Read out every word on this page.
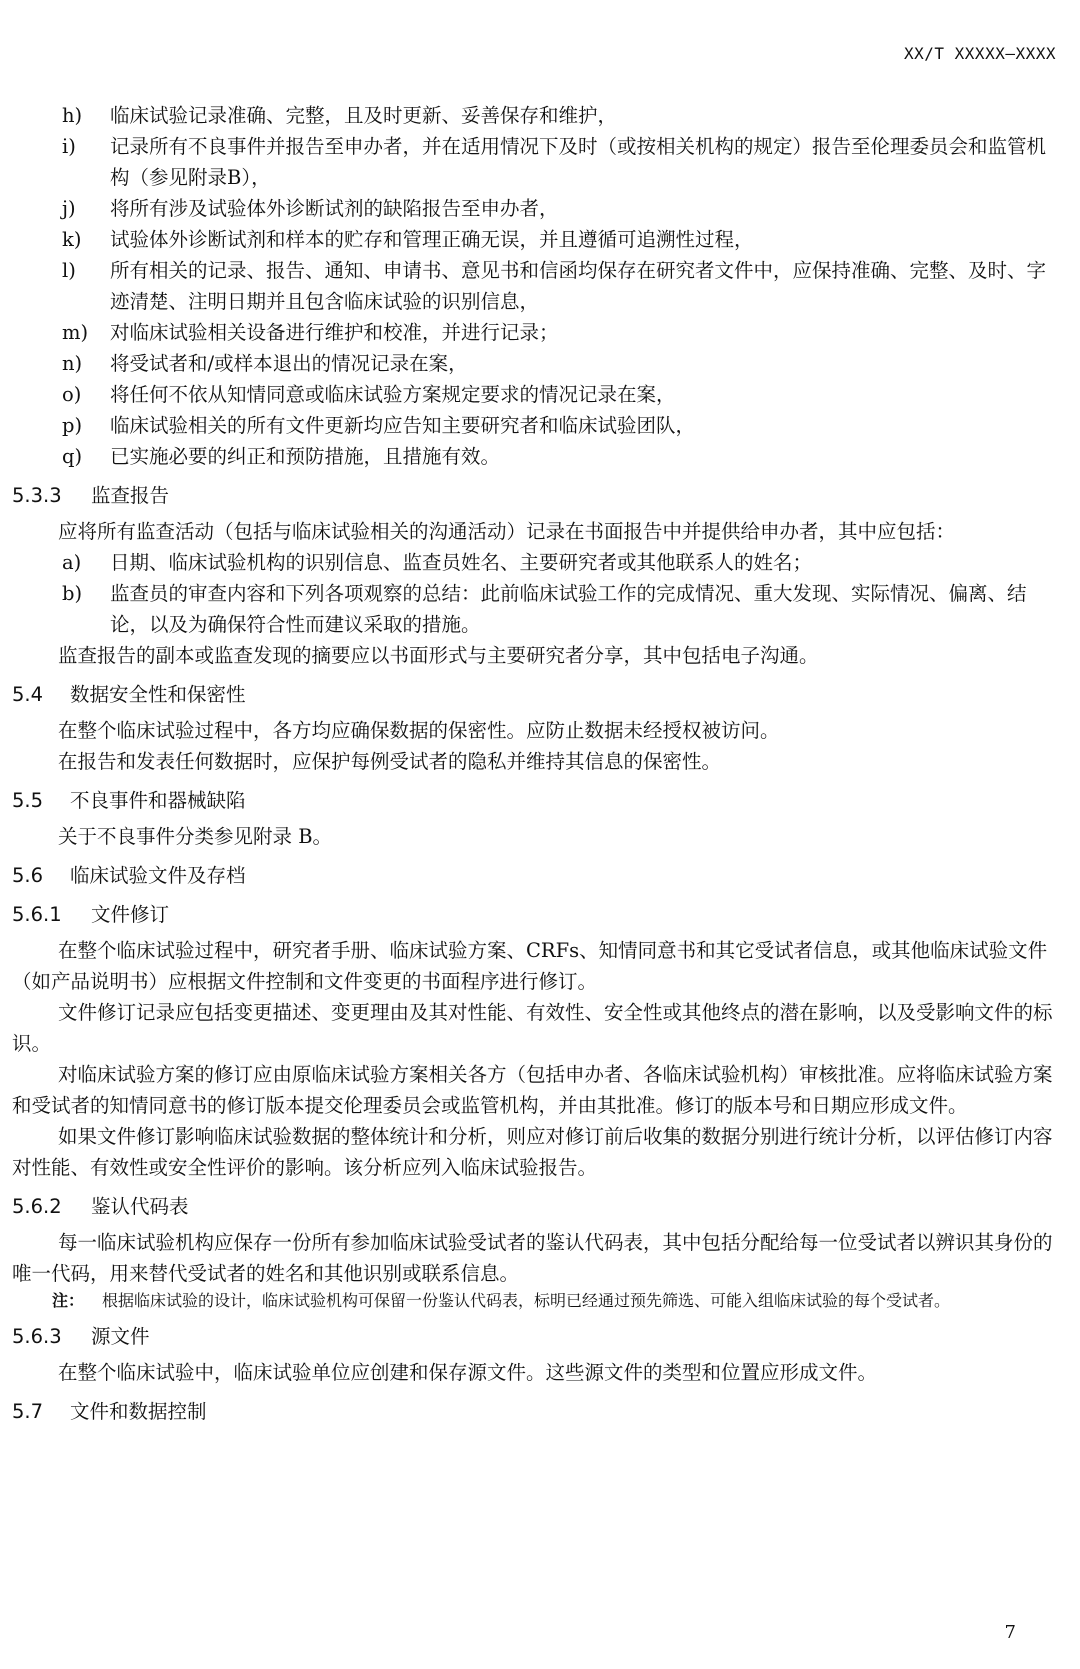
XX/T XXXXX—XXXX
h)	临床试验记录准确、完整，且及时更新、妥善保存和维护，
i)	记录所有不良事件并报告至申办者，并在适用情况下及时（或按相关机构的规定）报告至伦理委员会和监管机构（参见附录B），
j)	将所有涉及试验体外诊断试剂的缺陷报告至申办者，
k)	试验体外诊断试剂和样本的贮存和管理正确无误，并且遵循可追溯性过程，
l)	所有相关的记录、报告、通知、申请书、意见书和信函均保存在研究者文件中，应保持准确、完整、及时、字迹清楚、注明日期并且包含临床试验的识别信息，
m)	对临床试验相关设备进行维护和校准，并进行记录；
n)	将受试者和/或样本退出的情况记录在案，
o)	将任何不依从知情同意或临床试验方案规定要求的情况记录在案，
p)	临床试验相关的所有文件更新均应告知主要研究者和临床试验团队，
q)	已实施必要的纠正和预防措施，且措施有效。
5.3.3	监查报告

应将所有监查活动（包括与临床试验相关的沟通活动）记录在书面报告中并提供给申办者，其中应包括：

a)	日期、临床试验机构的识别信息、监查员姓名、主要研究者或其他联系人的姓名；
b)	监查员的审查内容和下列各项观察的总结：此前临床试验工作的完成情况、重大发现、实际情况、偏离、结论，以及为确保符合性而建议采取的措施。

监查报告的副本或监查发现的摘要应以书面形式与主要研究者分享，其中包括电子沟通。

5.4	数据安全性和保密性

在整个临床试验过程中，各方均应确保数据的保密性。应防止数据未经授权被访问。

在报告和发表任何数据时，应保护每例受试者的隐私并维持其信息的保密性。

5.5	不良事件和器械缺陷

关于不良事件分类参见附录 B。

5.6	临床试验文件及存档
5.6.1	文件修订

在整个临床试验过程中，研究者手册、临床试验方案、CRFs、知情同意书和其它受试者信息，或其他临床试验文件（如产品说明书）应根据文件控制和文件变更的书面程序进行修订。

文件修订记录应包括变更描述、变更理由及其对性能、有效性、安全性或其他终点的潜在影响，以及受影响文件的标识。

对临床试验方案的修订应由原临床试验方案相关各方（包括申办者、各临床试验机构）审核批准。应将临床试验方案和受试者的知情同意书的修订版本提交伦理委员会或监管机构，并由其批准。修订的版本号和日期应形成文件。

如果文件修订影响临床试验数据的整体统计和分析，则应对修订前后收集的数据分别进行统计分析，以评估修订内容对性能、有效性或安全性评价的影响。该分析应列入临床试验报告。

5.6.2	鉴认代码表

每一临床试验机构应保存一份所有参加临床试验受试者的鉴认代码表，其中包括分配给每一位受试者以辨识其身份的唯一代码，用来替代受试者的姓名和其他识别或联系信息。

注：	根据临床试验的设计，临床试验机构可保留一份鉴认代码表，标明已经通过预先筛选、可能入组临床试验的每个受试者。
5.6.3	源文件

在整个临床试验中，临床试验单位应创建和保存源文件。这些源文件的类型和位置应形成文件。

5.7	文件和数据控制
7
